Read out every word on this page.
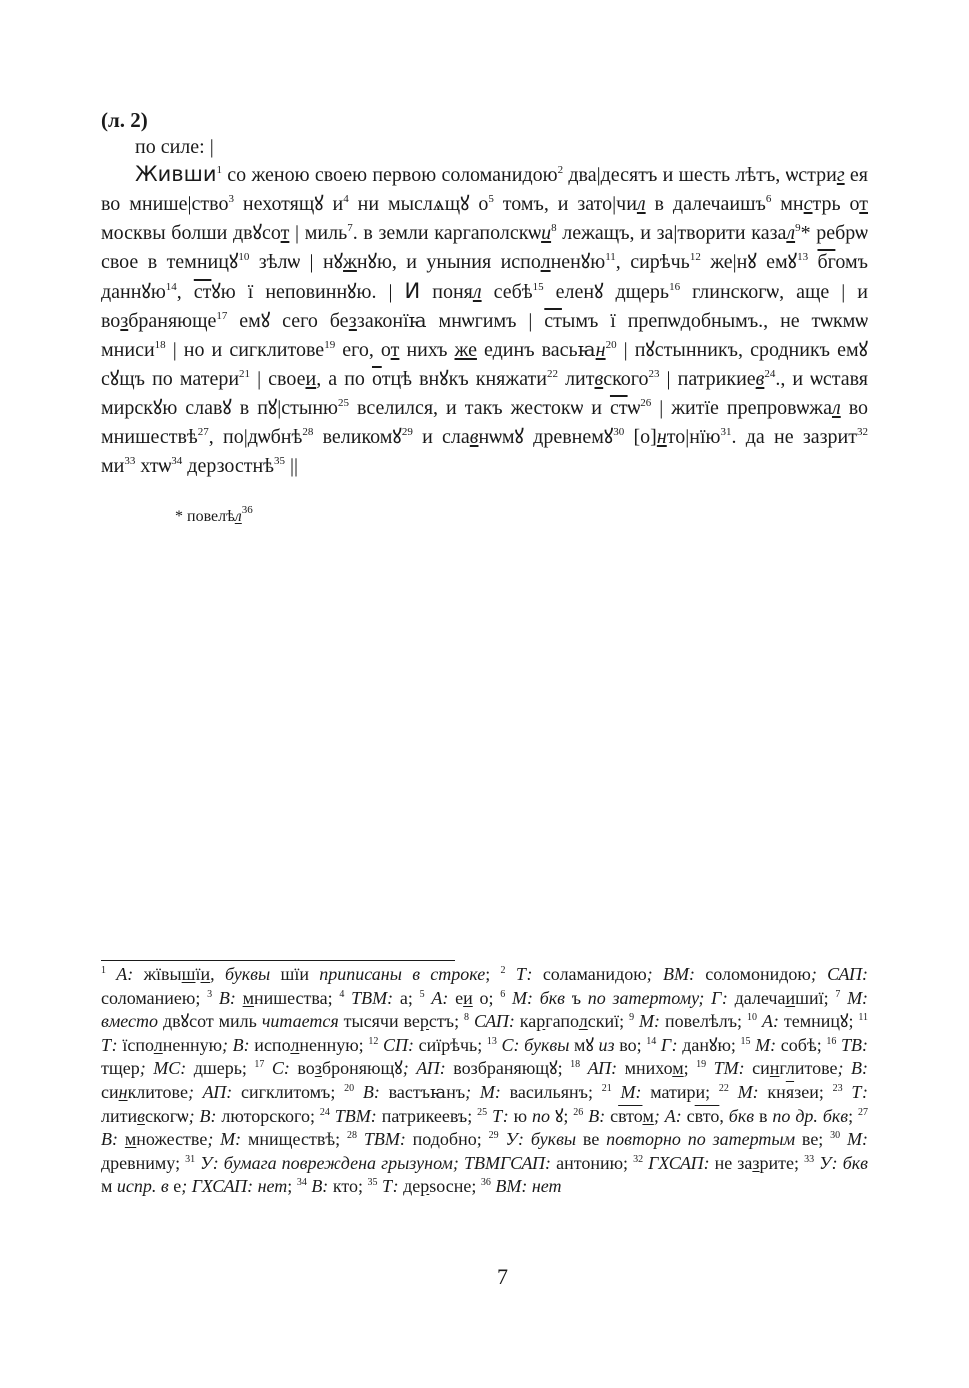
(л. 2)
по силе: |

Живши$^1$ со женою своею первою соломанидою$^2$ два|десятъ и шесть лѣтъ, ѡстриг ея во мнише|ство$^3$ нехотящꙋ $и^4$ ни мыслѧщꙋ $о^5$ томъ, и зато|чил в далечаишъ$^6$ мнстрь от москвы болши двꙋсот | миль$^7$. в земли каргаполскѡи$^8$ лежащъ, и за|творити казал$^9$* ребрѡ свое в темницꙋ$^{10}$ зѣлѡ | нꙋжнꙋю, и уныния исполненꙋю$^{11}$, сирѣчь$^{12}$ же|нꙋ емꙋ$^{13}$ бгомъ даннꙋю$^{14}$, стꙋю ї неповиннꙋю. | И понял себѣ$^{15}$ еленꙋ дщерь$^{16}$ глинскогѡ, аще | и возбраняюще$^{17}$ емꙋ сего беззаконїꙗ мнѡгимъ | стымъ ї препѡдобнымъ., не тѡкмѡ мниси$^{18}$ | но и сигклитове$^{19}$ его, от нихъ же единъ васьꙗн$^{20}$ | пꙋстынникъ, сродникъ емꙋ сꙋщъ по матери$^{21}$ | своеи, а по отцѣ внꙋкъ княжати$^{22}$ литвского$^{23}$ | патрикиев$^{24}$., и ѡставя мирскꙋю славꙋ в пꙋ|стыню$^{25}$ вселился, и такъ жестокѡ и стѡ$^{26}$ | житїе препровѡжал во мнишествѣ$^{27}$, по|дѡбнѣ$^{28}$ великомꙋ$^{29}$ и славнѡмꙋ древнемꙋ$^{30}$ [о]нто|нїю$^{31}$. да не зазрит$^{32}$ $ми^{33}$ хтѡ$^{34}$ дерзостнѣ$^{35}$ ||

* повелѣл$^{36}$

$^1$ А: жївышїи, буквы шїи приписаны в строке; $^2$ Т: соламанидою; ВМ: соломонидою; САП: соломаниею; $^3$ В: мнишества; $^4$ ТВМ: а; $^5$ А: еи о; $^6$ М: бкв ъ по затертому; Г: далечаишиї; $^7$ М: вместо двꙋсот миль читается тысячи верстъ; $^8$ САП: каргаполскиї; $^9$ М: повелѣлъ; $^{10}$ А: темницꙋ; $^{11}$ Т: їсполненную; В: исполненную; $^{12}$ СП: сиїрѣчь; $^{13}$ С: буквы мꙋ из во; $^{14}$ Г: данꙋю; $^{15}$ М: собѣ; $^{16}$ ТВ: тщер; МС: дшерь; $^{17}$ С: возброняющꙋ; АП: возбраняющꙋ; $^{18}$ АП: мнихом; $^{19}$ ТМ: синглитове; В: синклитове; АП: сигклитомъ; $^{20}$ В: вастъꙗнъ; М: васильянъ; $^{21}$ М: матири; $^{22}$ М: князеи; $^{23}$ Т: литивскогѡ; В: люторского; $^{24}$ ТВМ: патрикеевъ; $^{25}$ Т: ю по ꙋ; $^{26}$ В: свтом; А: свто, бкв в по др. бкв; $^{27}$ В: множестве; М: мниществѣ; $^{28}$ ТВМ: подобно; $^{29}$ У: буквы ве повторно по затертым ве; $^{30}$ М: древниму; $^{31}$ У: бумага повреждена грызуном; ТВМГСАП: антонию; $^{32}$ ГХСАП: не зазрите; $^{33}$ У: бкв м испр. в е; ГХСАП: нет; $^{34}$ В: кто; $^{35}$ Т: дерѕосне; $^{36}$ ВМ: нет

7
